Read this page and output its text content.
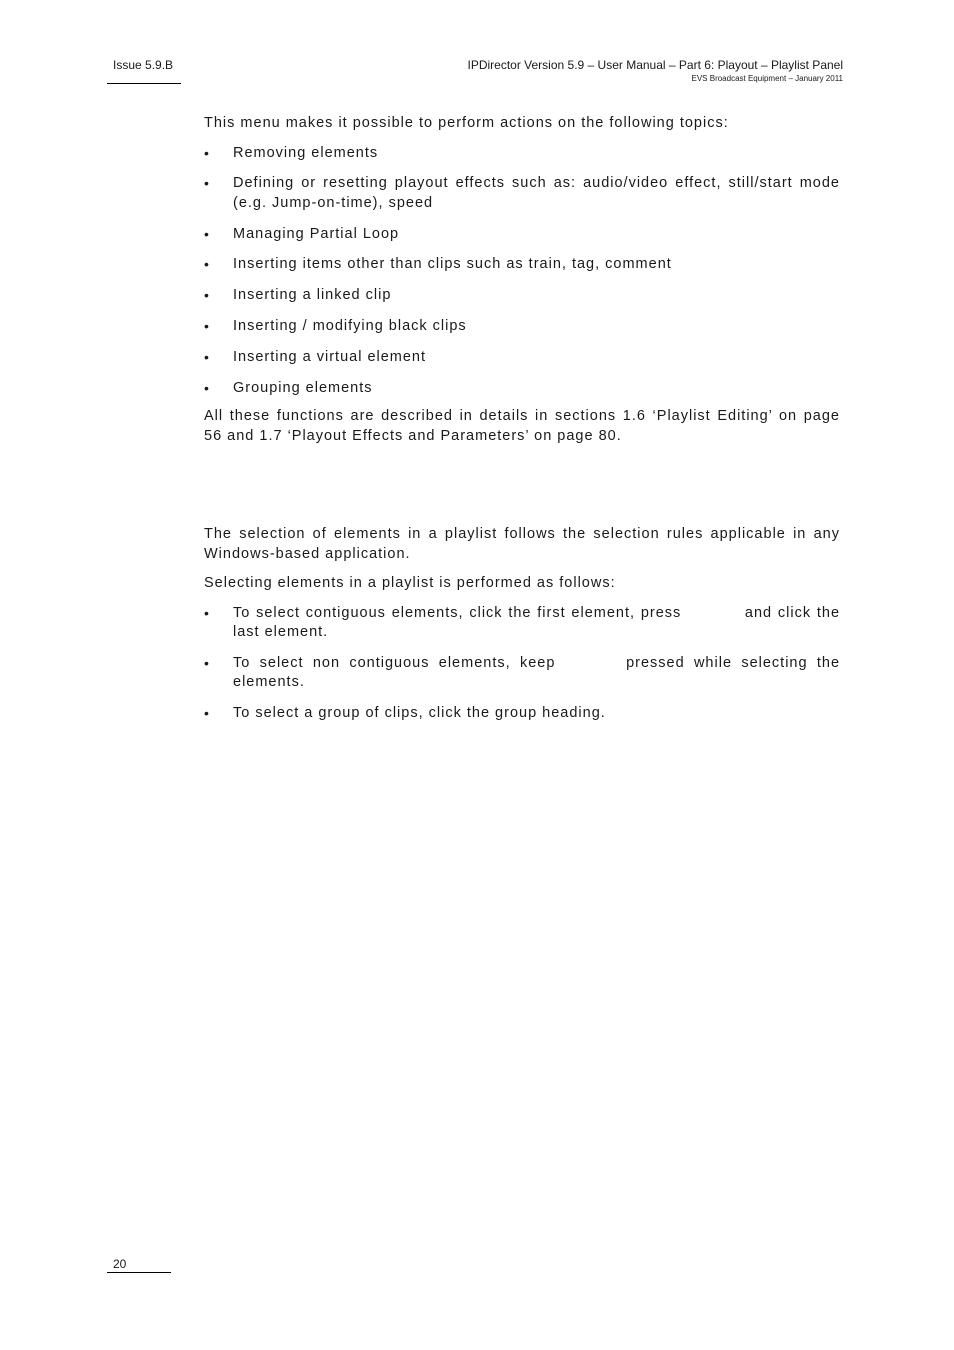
Issue 5.9.B	IPDirector Version 5.9 – User Manual – Part 6: Playout – Playlist Panel
EVS Broadcast Equipment – January 2011

This menu makes it possible to perform actions on the following topics:

• Removing elements
• Defining or resetting playout effects such as: audio/video effect, still/start mode (e.g. Jump-on-time), speed
• Managing Partial Loop
• Inserting items other than clips such as train, tag, comment
• Inserting a linked clip
• Inserting / modifying black clips
• Inserting a virtual element
• Grouping elements

All these functions are described in details in sections 1.6 ‘Playlist Editing’ on page 56 and 1.7 ‘Playout Effects and Parameters’ on page 80.

The selection of elements in a playlist follows the selection rules applicable in any Windows-based application.

Selecting elements in a playlist is performed as follows:

• To select contiguous elements, click the first element, press	and click the last element.
• To select non contiguous elements, keep	pressed while selecting the elements.
• To select a group of clips, click the group heading.
20
